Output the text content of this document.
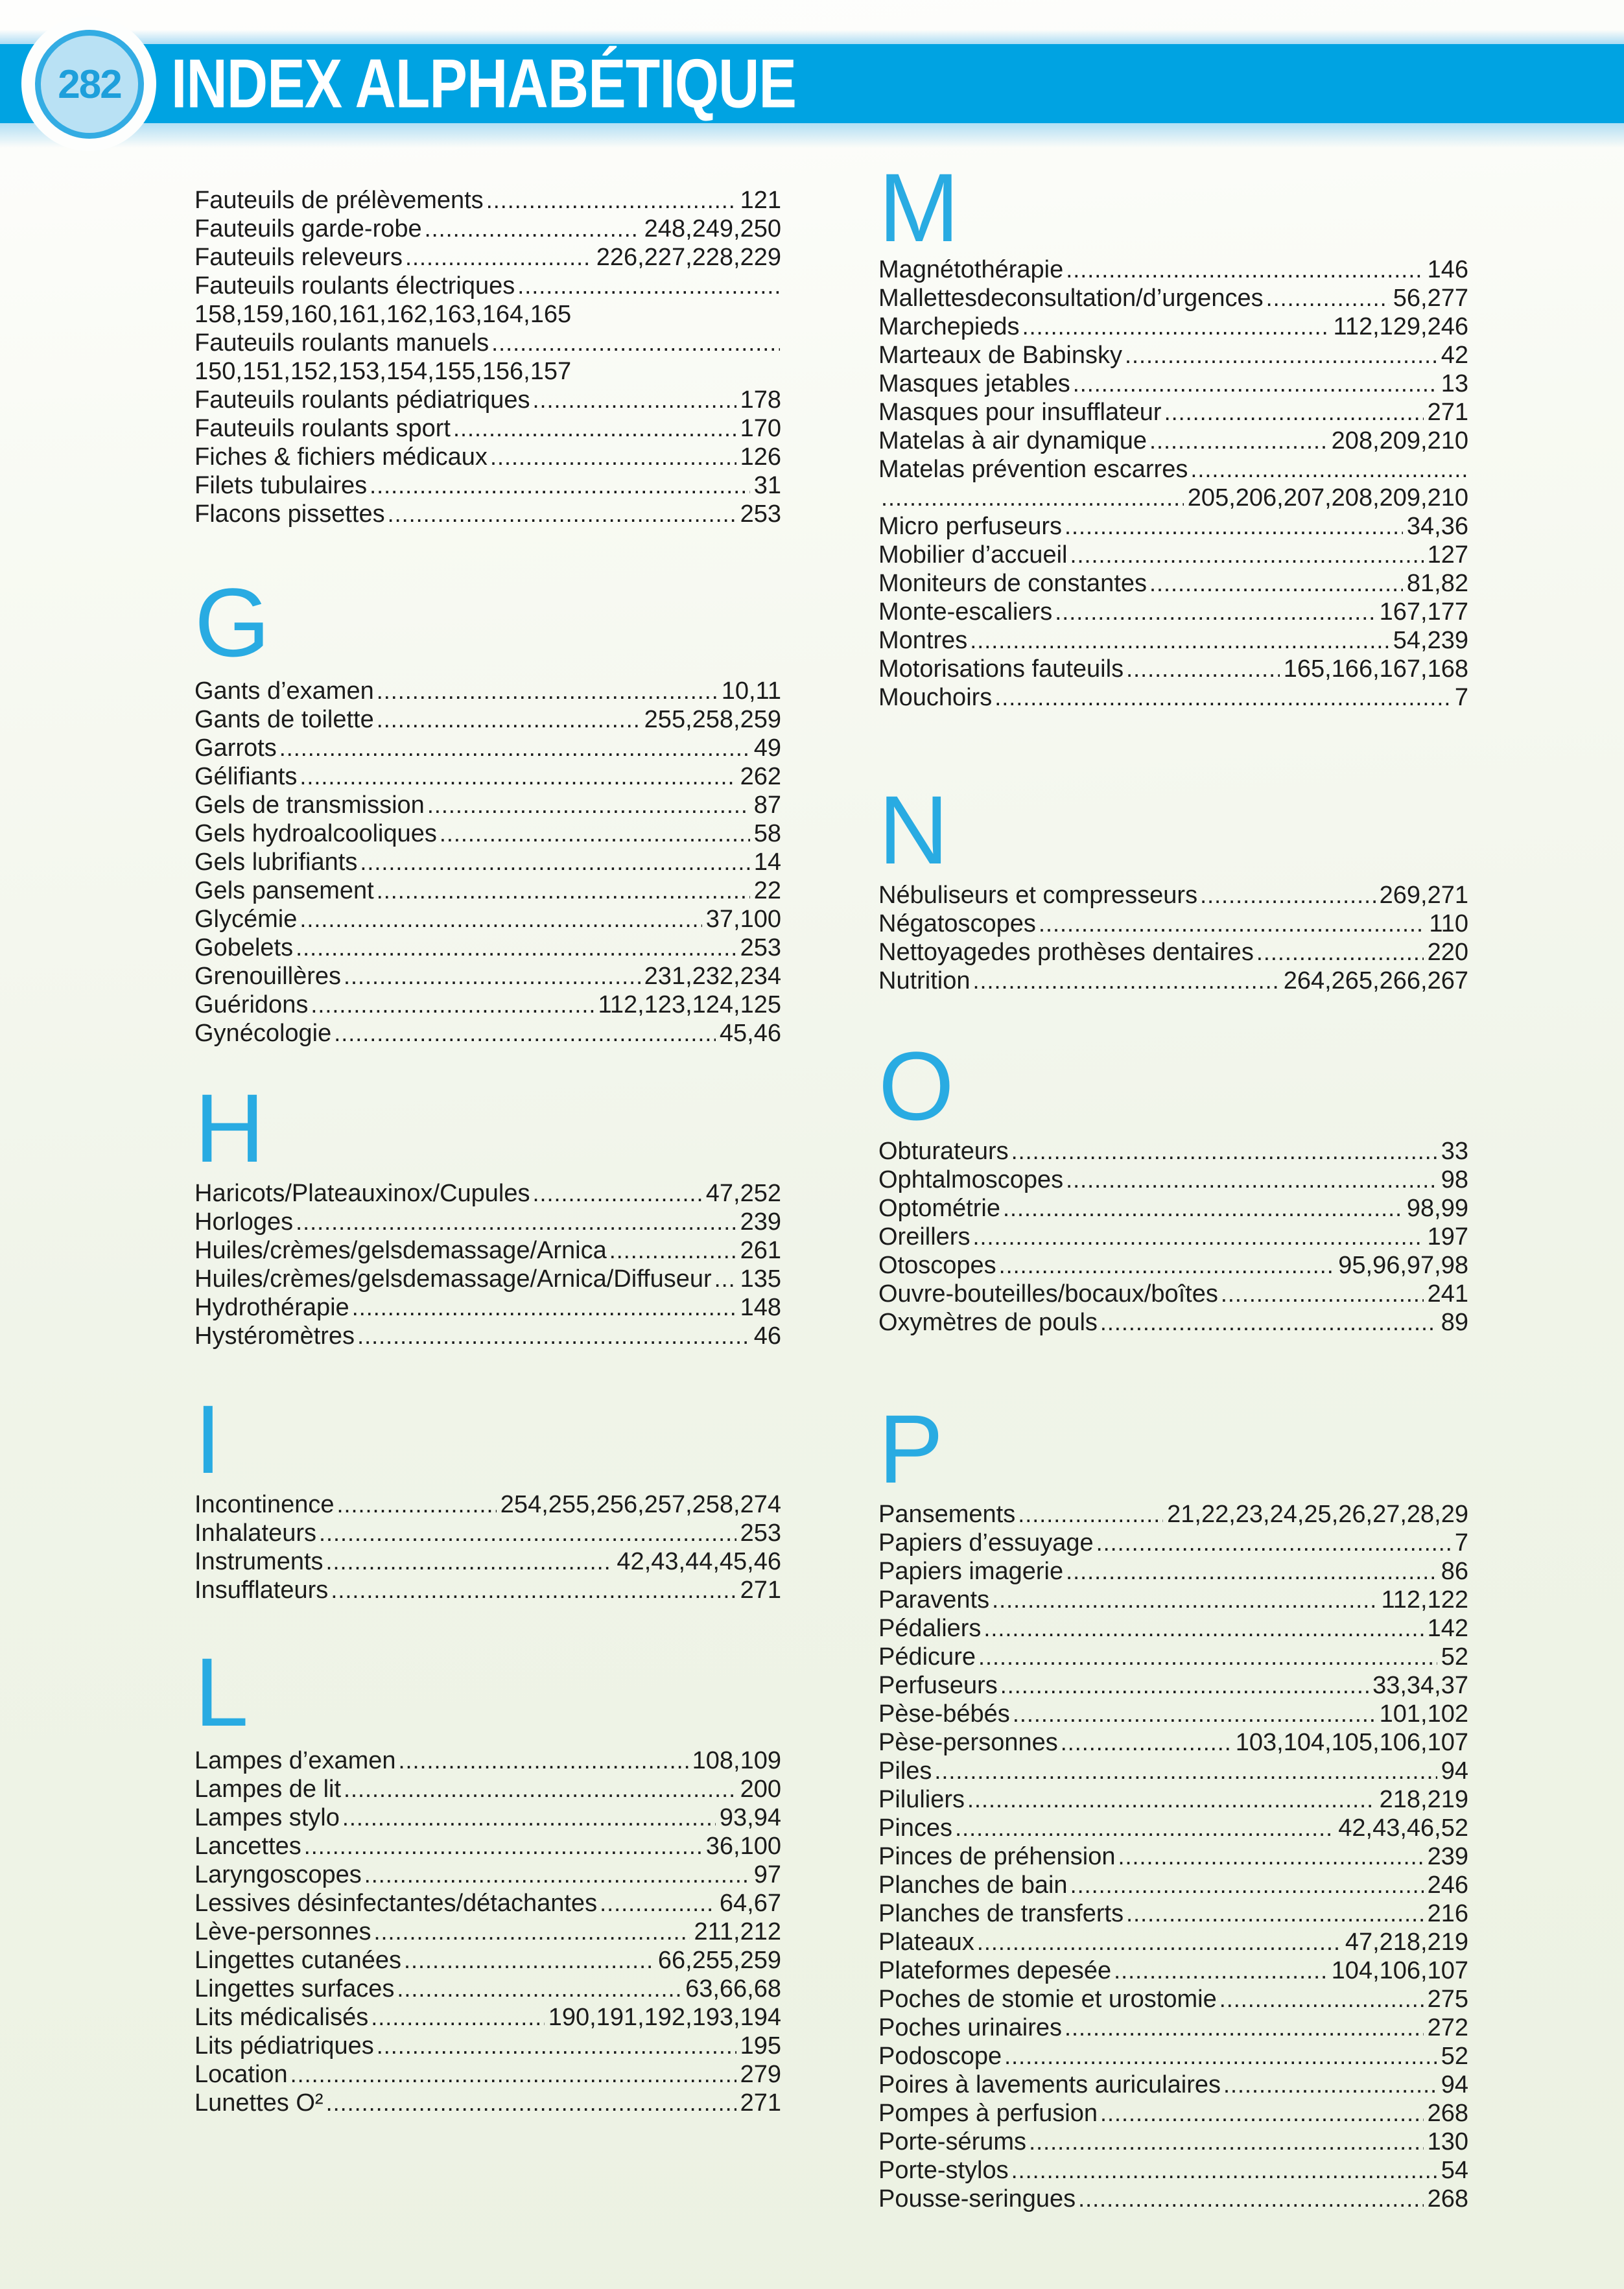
282 INDEX ALPHABÉTIQUE
Fauteuils de prélèvements .....	121
Fauteuils garde-robe .....	248,249,250
Fauteuils releveurs .....	226,227,228,229
Fauteuils roulants électriques
.....
158,159,160,161,162,163,164,165
Fauteuils roulants manuels
.....
150,151,152,153,154,155,156,157
Fauteuils roulants pédiatriques .....	178
Fauteuils roulants sport .....	170
Fiches & fichiers médicaux .....	126
Filets tubulaires .....	31
Flacons pissettes .....	253
G
Gants d’examen .....	10,11
Gants de toilette .....	255,258,259
Garrots .....	49
Gélifiants .....	262
Gels de transmission .....	87
Gels hydroalcooliques .....	58
Gels lubrifiants .....	14
Gels pansement .....	22
Glycémie .....	37,100
Gobelets .....	253
Grenouillères .....	231,232,234
Guéridons .....	112,123,124,125
Gynécologie .....	45,46
H
Haricots/Plateauxinox/Cupules .....	47,252
Horloges .....	239
Huiles/crèmes/gelsdemassage/Arnica .....	261
Huiles/crèmes/gelsdemassage/Arnica/Diffuseur ..... 135
Hydrothérapie .....	148
Hystéromètres .....	46
I
Incontinence .....	254,255,256,257,258,274
Inhalateurs .....	253
Instruments .....	42,43,44,45,46
Insufflateurs .....	271
L
Lampes d’examen .....	108,109
Lampes de lit .....	200
Lampes stylo .....	93,94
Lancettes .....	36,100
Laryngoscopes .....	97
Lessives désinfectantes/détachantes .....	64,67
Lève-personnes .....	211,212
Lingettes cutanées .....	66,255,259
Lingettes surfaces .....	63,66,68
Lits médicalisés .....	190,191,192,193,194
Lits pédiatriques .....	195
Location .....	279
Lunettes O² .....	271
M
Magnétothérapie .....	146
Mallettesdeconsultation/d’urgences .....	56,277
Marchepieds .....	112,129,246
Marteaux de Babinsky .....	42
Masques jetables .....	13
Masques pour insufflateur .....	271
Matelas à air dynamique .....	208,209,210
Matelas prévention escarres
.....
.....
205,206,207,208,209,210
Micro perfuseurs .....	34,36
Mobilier d’accueil .....	127
Moniteurs de constantes .....	81,82
Monte-escaliers .....	167,177
Montres .....	54,239
Motorisations fauteuils .....	165,166,167,168
Mouchoirs .....	7
N
Nébuliseurs et compresseurs .....	269,271
Négatoscopes .....	110
Nettoyagedes prothèses dentaires .....	220
Nutrition .....	264,265,266,267
O
Obturateurs .....	33
Ophtalmoscopes .....	98
Optométrie .....	98,99
Oreillers .....	197
Otoscopes .....	95,96,97,98
Ouvre-bouteilles/bocaux/boîtes .....	241
Oxymètres de pouls .....	89
P
Pansements .....	21,22,23,24,25,26,27,28,29
Papiers d’essuyage .....	7
Papiers imagerie .....	86
Paravents .....	112,122
Pédaliers .....	142
Pédicure .....	52
Perfuseurs .....	33,34,37
Pèse-bébés .....	101,102
Pèse-personnes .....	103,104,105,106,107
Piles .....	94
Piluliers .....	218,219
Pinces .....	42,43,46,52
Pinces de préhension .....	239
Planches de bain .....	246
Planches de transferts .....	216
Plateaux .....	47,218,219
Plateformes depesée .....	104,106,107
Poches de stomie et urostomie .....	275
Poches urinaires .....	272
Podoscope .....	52
Poires à lavements auriculaires .....	94
Pompes à perfusion .....	268
Porte-sérums .....	130
Porte-stylos .....	54
Pousse-seringues .....	268
